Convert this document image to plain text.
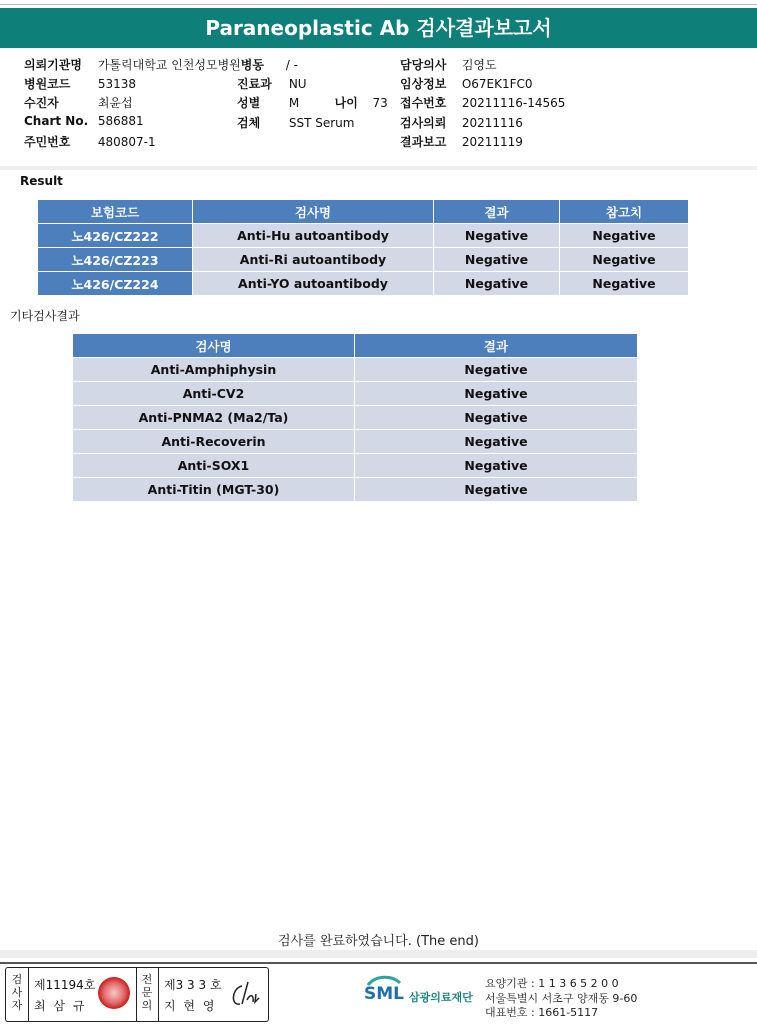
Paraneoplastic Ab 검사결과보고서
의뢰기관명 가톨릭대학교 인천성모병원병동 / -	담당의사 김영도
병원코드 53138	진료과 NU	임상정보 O67EK1FC0
수진자	최윤섭	성별 M	나이 73 접수번호 20211116-14565
Chart No. 586881	검체 SST Serum	검사의뢰 20211116
주민번호 480807-1	결과보고 20211119
Result
보험코드	검사명	결과	참고치
노426/CZ222	Anti-Hu autoantibody	Negative	Negative
노426/CZ223	Anti-Ri autoantibody	Negative	Negative
노426/CZ224	Anti-YO autoantibody	Negative	Negative
기타검사결과
검사명	결과
Anti-Amphiphysin	Negative
Anti-CV2	Negative
Anti-PNMA2 (Ma2/Ta)	Negative
Anti-Recoverin	Negative
Anti-SOX1	Negative
Anti-Titin (MGT-30)	Negative
검사를 완료하였습니다. (The end)
검사자
제11194호
최 삼 규
전문의
제3 3 3 호
지 현 영
SML 삼광의료재단
요양기관 : 1 1 3 6 5 2 0 0
서울특별시 서초구 양재동 9-60
대표번호 : 1661-5117
